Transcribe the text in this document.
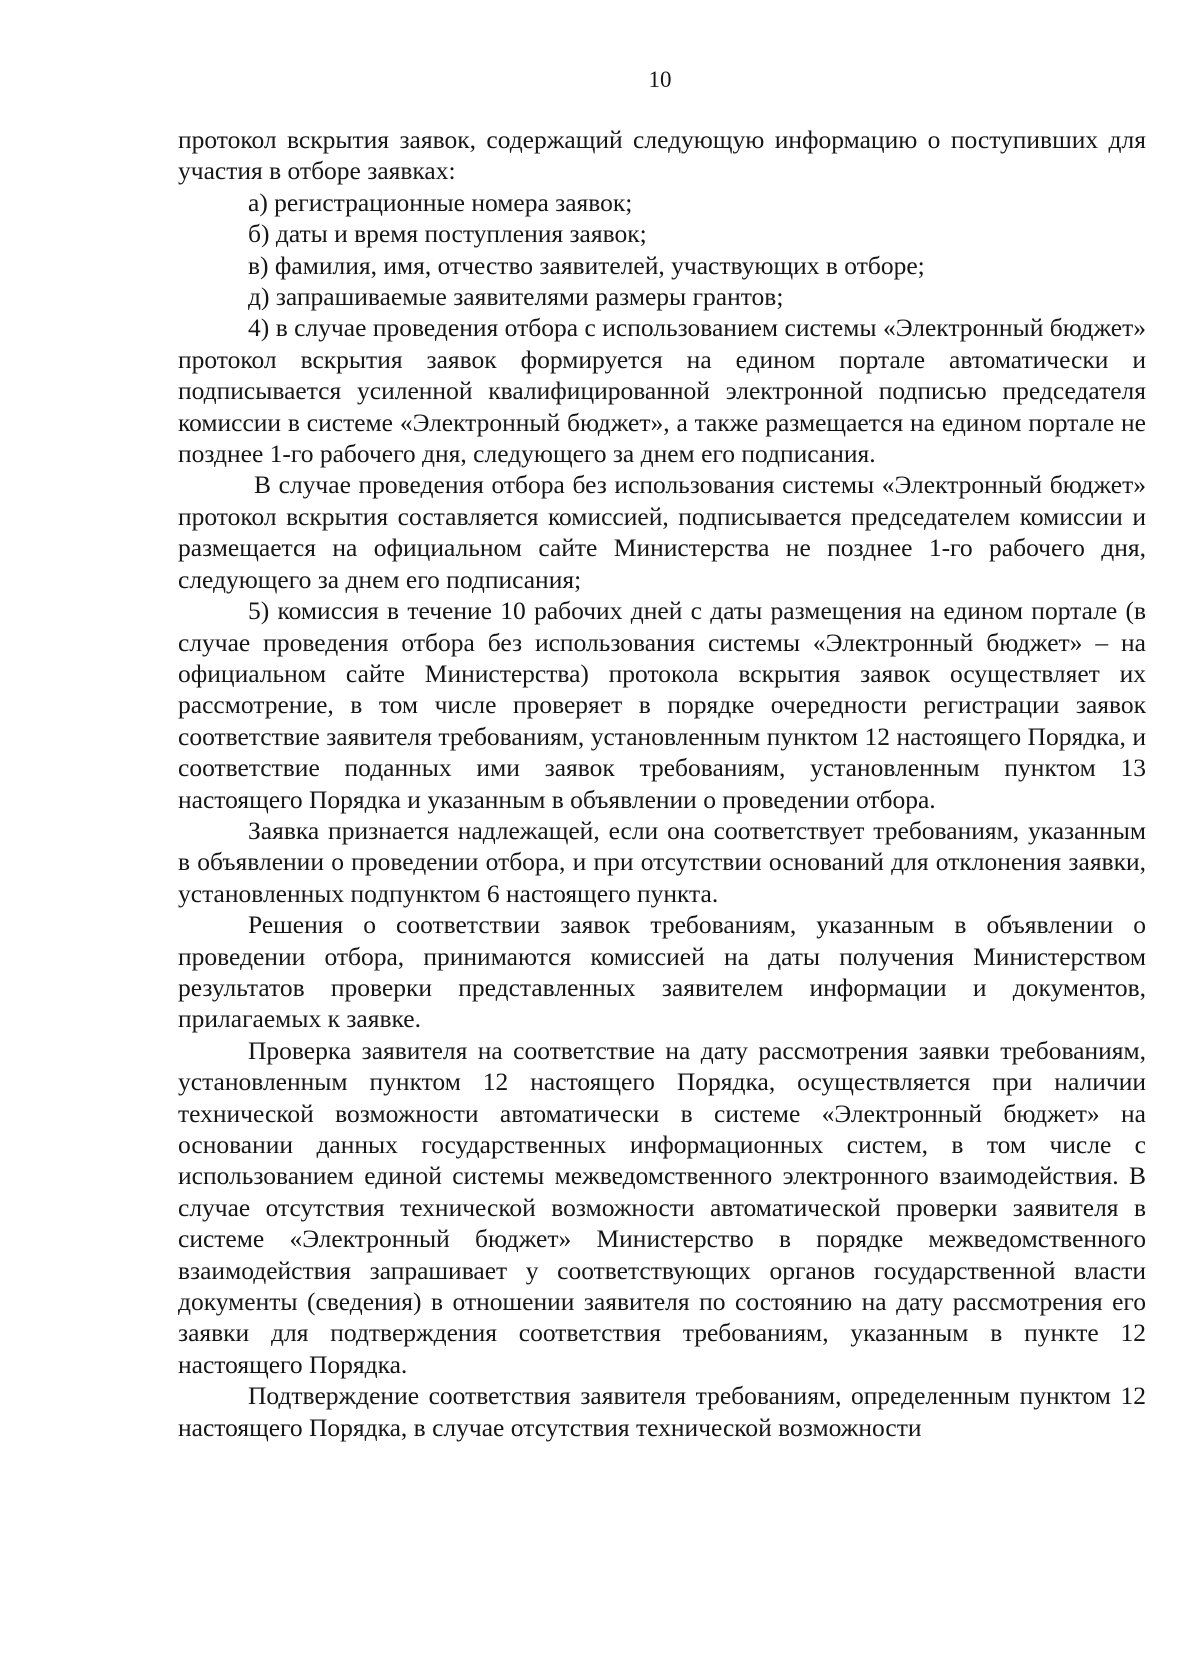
10

протокол вскрытия заявок, содержащий следующую информацию о поступивших для участия в отборе заявках:

а) регистрационные номера заявок;

б) даты и время поступления заявок;

в) фамилия, имя, отчество заявителей, участвующих в отборе;

д) запрашиваемые заявителями размеры грантов;

4) в случае проведения отбора с использованием системы «Электронный бюджет» протокол вскрытия заявок формируется на едином портале автоматически и подписывается усиленной квалифицированной электронной подписью председателя комиссии в системе «Электронный бюджет», а также размещается на едином портале не позднее 1-го рабочего дня, следующего за днем его подписания.

В случае проведения отбора без использования системы «Электронный бюджет» протокол вскрытия составляется комиссией, подписывается председателем комиссии и размещается на официальном сайте Министерства не позднее 1-го рабочего дня, следующего за днем его подписания;

5) комиссия в течение 10 рабочих дней с даты размещения на едином портале (в случае проведения отбора без использования системы «Электронный бюджет» – на официальном сайте Министерства) протокола вскрытия заявок осуществляет их рассмотрение, в том числе проверяет в порядке очередности регистрации заявок соответствие заявителя требованиям, установленным пунктом 12 настоящего Порядка, и соответствие поданных ими заявок требованиям, установленным пунктом 13 настоящего Порядка и указанным в объявлении о проведении отбора.

Заявка признается надлежащей, если она соответствует требованиям, указанным в объявлении о проведении отбора, и при отсутствии оснований для отклонения заявки, установленных подпунктом 6 настоящего пункта.

Решения о соответствии заявок требованиям, указанным в объявлении о проведении отбора, принимаются комиссией на даты получения Министерством результатов проверки представленных заявителем информации и документов, прилагаемых к заявке.

Проверка заявителя на соответствие на дату рассмотрения заявки требованиям, установленным пунктом 12 настоящего Порядка, осуществляется при наличии технической возможности автоматически в системе «Электронный бюджет» на основании данных государственных информационных систем, в том числе с использованием единой системы межведомственного электронного взаимодействия. В случае отсутствия технической возможности автоматической проверки заявителя в системе «Электронный бюджет» Министерство в порядке межведомственного взаимодействия запрашивает у соответствующих органов государственной власти документы (сведения) в отношении заявителя по состоянию на дату рассмотрения его заявки для подтверждения соответствия требованиям, указанным в пункте 12 настоящего Порядка.

Подтверждение соответствия заявителя требованиям, определенным пунктом 12 настоящего Порядка, в случае отсутствия технической возможности
